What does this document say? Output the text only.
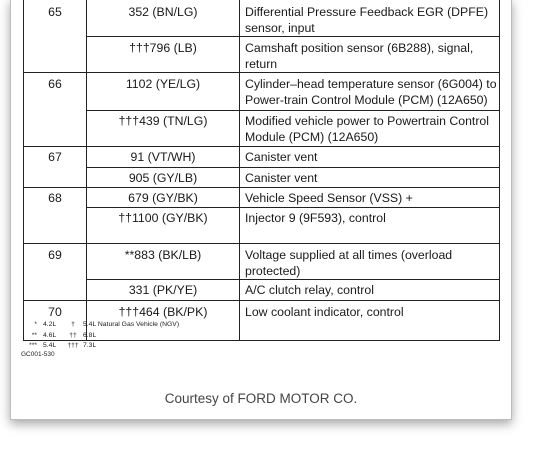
65	352 (BN/LG)	Differential Pressure Feedback EGR (DPFE) sensor, input
	†††796 (LB)	Camshaft position sensor (6B288), signal, return
66	1102 (YE/LG)	Cylinder–head temperature sensor (6G004) to Power-train Control Module (PCM) (12A650)
	†††439 (TN/LG)	Modified vehicle power to Powertrain Control Module (PCM) (12A650)
67	91 (VT/WH)	Canister vent
	905 (GY/LB)	Canister vent
68	679 (GY/BK)	Vehicle Speed Sensor (VSS) +
	††1100 (GY/BK)	Injector 9 (9F593), control
69	**883 (BK/LB)	Voltage supplied at all times (overload protected)
	331 (PK/YE)	A/C clutch relay, control
70	†††464 (BK/PK)	Low coolant indicator, control
* 4.2L † 5.4L Natural Gas Vehicle (NGV)
** 4.6L †† 6.8L
*** 5.4L ††† 7.3L
GC001-530
Courtesy of FORD MOTOR CO.
